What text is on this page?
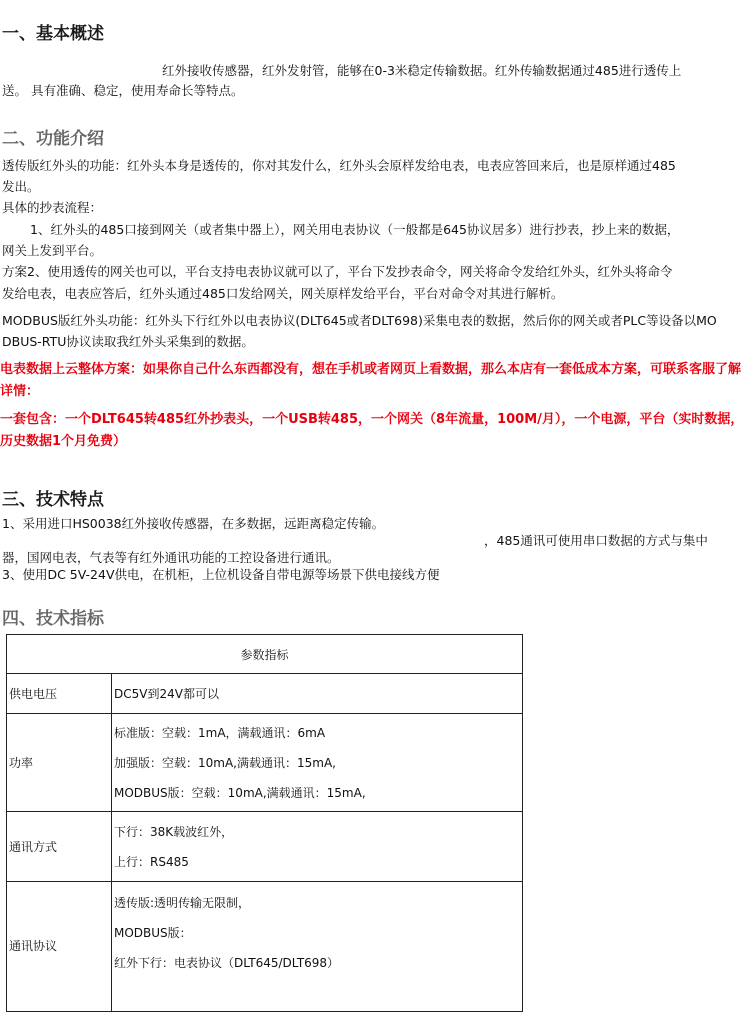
一、基本概述

红外接收传感器，红外发射管，能够在0-3米稳定传输数据。红外传输数据通过485进行透传上

送。 具有准确、稳定，使用寿命长等特点。

二、功能介绍

透传版红外头的功能：红外头本身是透传的，你对其发什么，红外头会原样发给电表，电表应答回来后，也是原样通过485

发出。

具体的抄表流程：

1、红外头的485口接到网关（或者集中器上），网关用电表协议（一般都是645协议居多）进行抄表，抄上来的数据，

网关上发到平台。

方案2、使用透传的网关也可以，平台支持电表协议就可以了，平台下发抄表命令，网关将命令发给红外头，红外头将命令

发给电表，电表应答后，红外头通过485口发给网关，网关原样发给平台，平台对命令对其进行解析。

MODBUS版红外头功能：红外头下行红外以电表协议(DLT645或者DLT698)采集电表的数据，然后你的网关或者PLC等设备以MO

DBUS-RTU协议读取我红外头采集到的数据。

电表数据上云整体方案：如果你自己什么东西都没有，想在手机或者网页上看数据，那么本店有一套低成本方案，可联系客服了解详情：

一套包含：一个DLT645转485红外抄表头，一个USB转485，一个网关（8年流量，100M/月），一个电源，平台（实时数据，历史数据1个月免费）

三、技术特点

1、采用进口HS0038红外接收传感器，在多数据，远距离稳定传输。

，485通讯可使用串口数据的方式与集中

器，国网电表，气表等有红外通讯功能的工控设备进行通讯。

3、使用DC 5V-24V供电，在机柜，上位机设备自带电源等场景下供电接线方便

四、技术指标
参数指标	
供电电压	DC5V到24V都可以

功率	标准版：空载：1mA，满载通讯：6mA
加强版：空载：10mA,满载通讯：15mA,
MODBUS版：空载：10mA,满载通讯：15mA,

通讯方式	下行：38K载波红外，
上行：RS485

通讯协议	透传版:透明传输无限制，
MODBUS版：
红外下行：电表协议（DLT645/DLT698）
